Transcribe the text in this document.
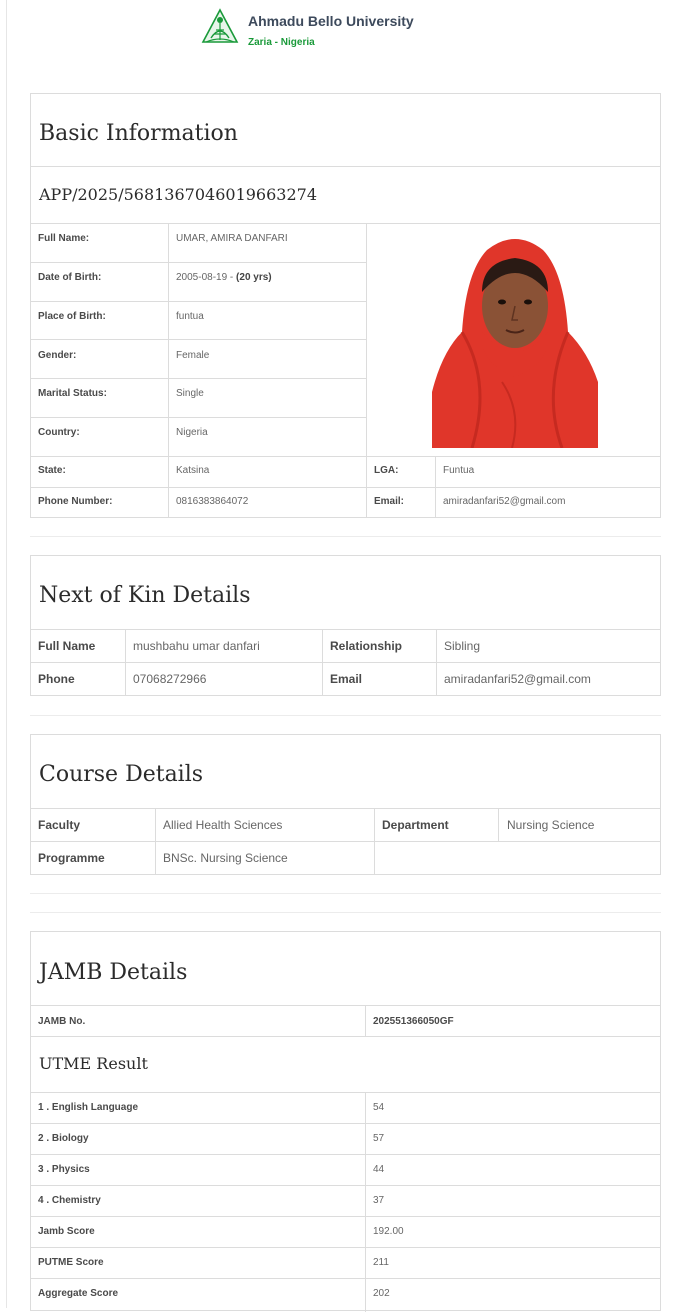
Ahmadu Bello University
Zaria - Nigeria
Basic Information
APP/2025/5681367046019663274
Full Name:	UMAR, AMIRA DANFARI
Date of Birth:	2005-08-19 - (20 yrs)
Place of Birth:	funtua
Gender:	Female
Marital Status:	Single
Country:	Nigeria
State:	Katsina	LGA:	Funtua
Phone Number:	0816383864072	Email:	amiradanfari52@gmail.com
Next of Kin Details
Full Name	mushbahu umar danfari	Relationship	Sibling
Phone	07068272966	Email	amiradanfari52@gmail.com
Course Details
Faculty	Allied Health Sciences	Department	Nursing Science
Programme	BNSc. Nursing Science
JAMB Details
JAMB No.	202551366050GF
UTME Result
1 . English Language	54
2 . Biology	57
3 . Physics	44
4 . Chemistry	37
Jamb Score	192.00
PUTME Score	211
Aggregate Score	202
